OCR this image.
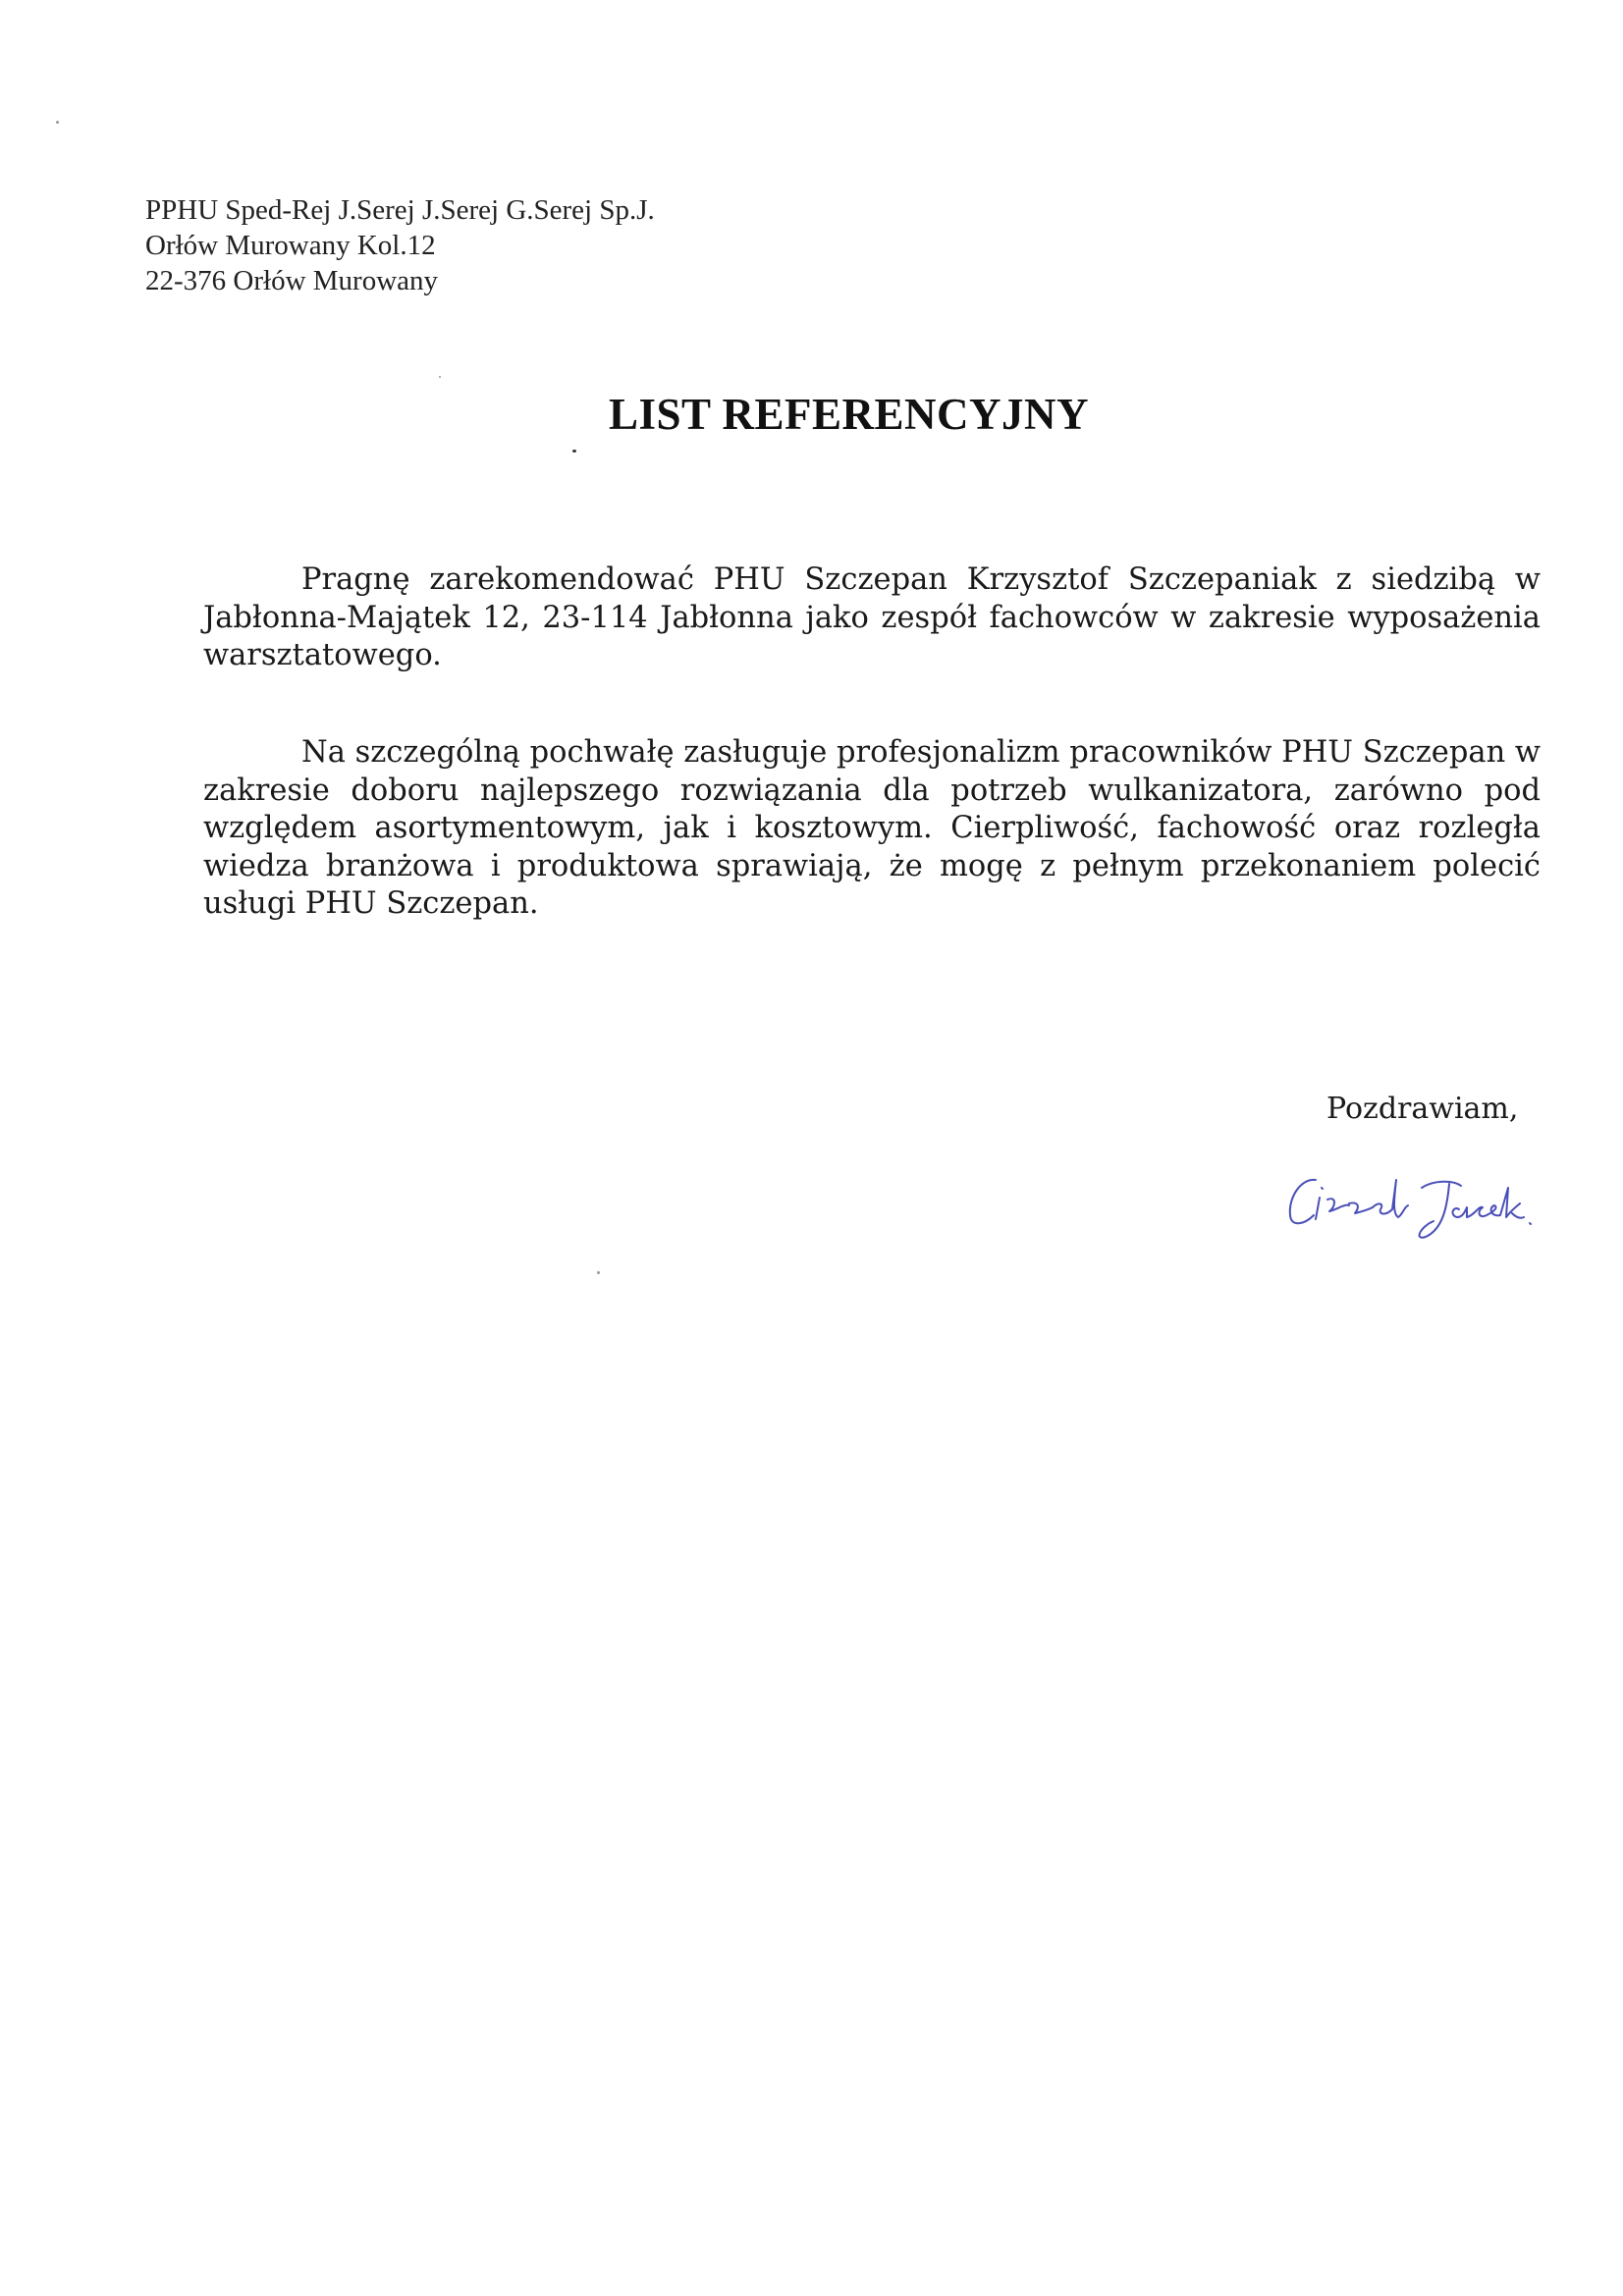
PPHU Sped-Rej J.Serej J.Serej G.Serej Sp.J.
Orłów Murowany Kol.12
22-376 Orłów Murowany
LIST REFERENCYJNY
Pragnę zarekomendować PHU Szczepan Krzysztof Szczepaniak z siedzibą w Jabłonna-Majątek 12, 23-114 Jabłonna jako zespół fachowców w zakresie wyposażenia warsztatowego.
Na szczególną pochwałę zasługuje profesjonalizm pracowników PHU Szczepan w zakresie doboru najlepszego rozwiązania dla potrzeb wulkanizatora, zarówno pod względem asortymentowym, jak i kosztowym. Cierpliwość, fachowość oraz rozległa wiedza branżowa i produktowa sprawiają, że mogę z pełnym przekonaniem polecić usługi PHU Szczepan.
Pozdrawiam,
